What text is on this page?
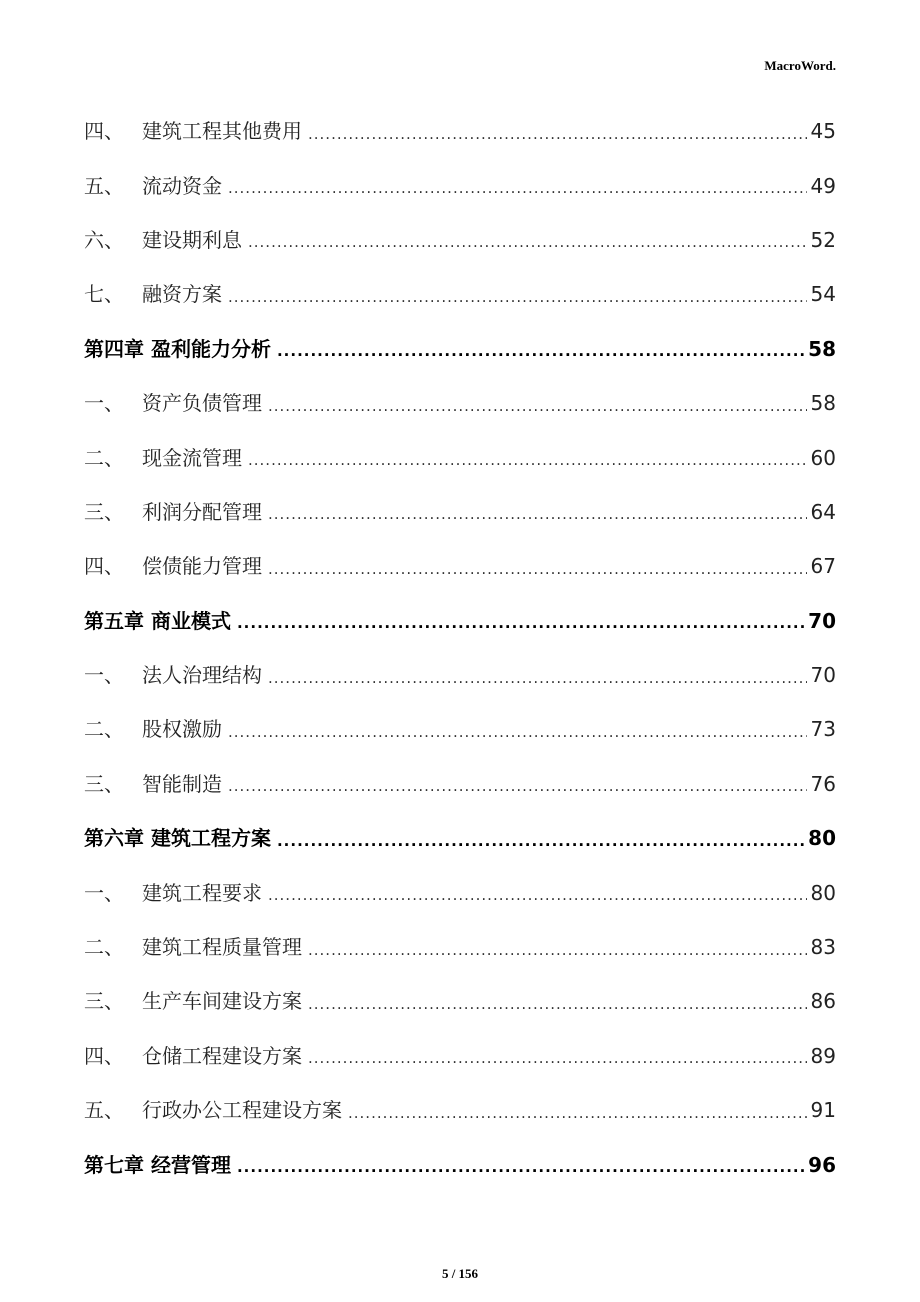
MacroWord.
四、 建筑工程其他费用 .....	45
五、 流动资金 .....	49
六、 建设期利息 .....	52
七、 融资方案 .....	54
第四章 盈利能力分析 .....	58
一、 资产负债管理 .....	58
二、 现金流管理 .....	60
三、 利润分配管理 .....	64
四、 偿债能力管理 .....	67
第五章 商业模式 .....	70
一、 法人治理结构 .....	70
二、 股权激励 .....	73
三、 智能制造 .....	76
第六章 建筑工程方案 .....	80
一、 建筑工程要求 .....	80
二、 建筑工程质量管理 .....	83
三、 生产车间建设方案 .....	86
四、 仓储工程建设方案 .....	89
五、 行政办公工程建设方案 .....	91
第七章 经营管理 .....	96
5 / 156
